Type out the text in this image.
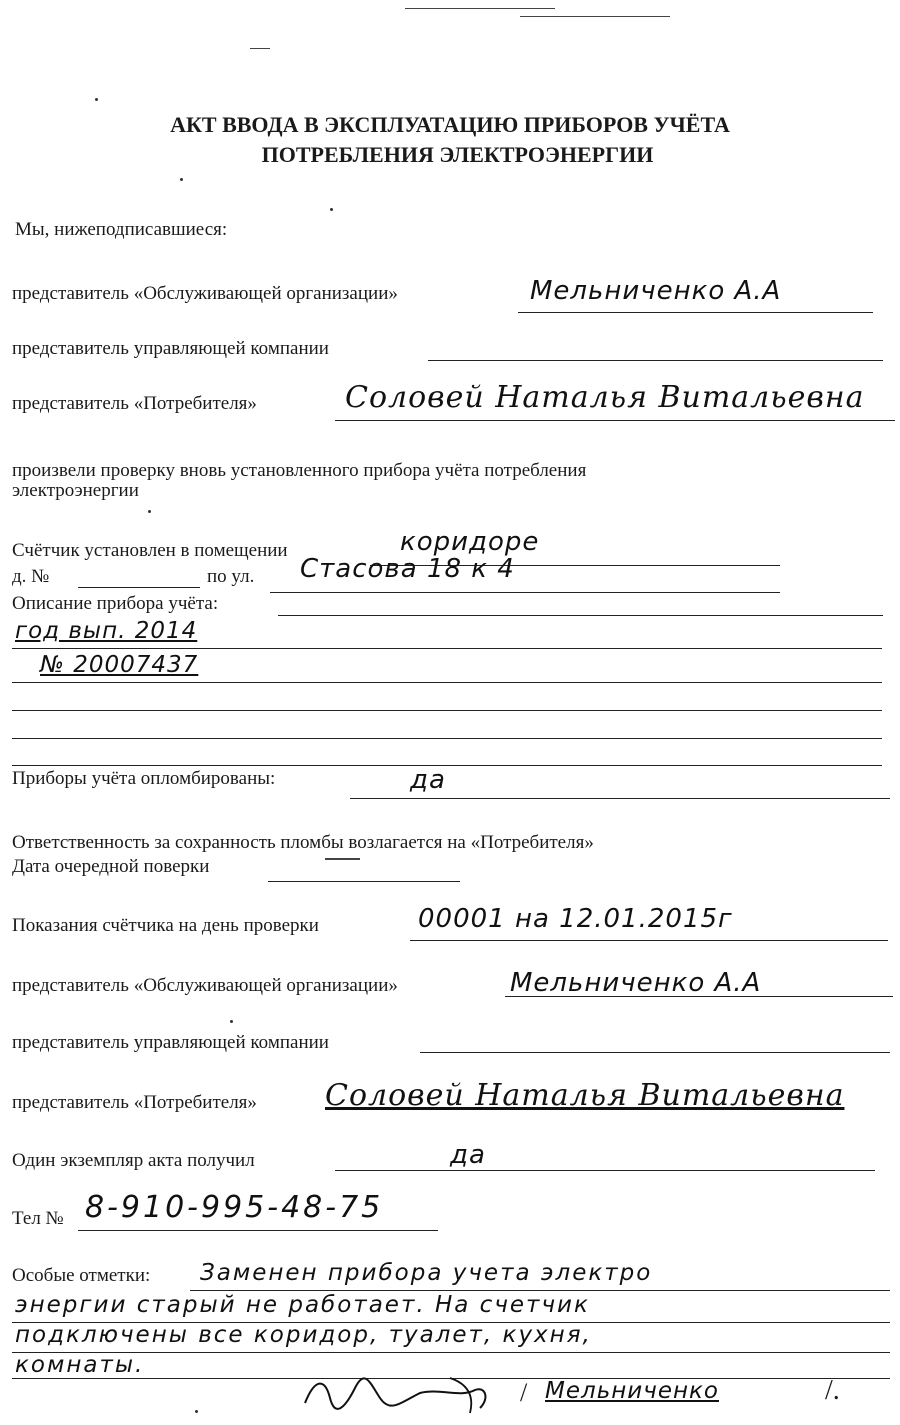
АКТ ВВОДА В ЭКСПЛУАТАЦИЮ ПРИБОРОВ УЧЁТА
ПОТРЕБЛЕНИЯ ЭЛЕКТРОЭНЕРГИИ
Мы, нижеподписавшиеся:
представитель «Обслуживающей организации»	Мельниченко А.А
представитель управляющей компании
представитель «Потребителя»	Соловей Наталья Витальевна
произвели проверку вновь установленного прибора учёта потребления
электроэнергии
Счётчик установлен в помещении	коридоре
д. №	по ул. Стасова 18 к 4
Описание прибора учёта:
год вып. 2014
№ 20007437
Приборы учёта опломбированы:	да
Ответственность за сохранность пломбы возлагается на «Потребителя»
Дата очередной поверки
Показания счётчика на день проверки	00001 на 12.01.2015г
представитель «Обслуживающей организации»	Мельниченко А.А
представитель управляющей компании
представитель «Потребителя» Соловей Наталья Витальевна
Один экземпляр акта получил	да
Тел № 8-910-995-48-75
Особые отметки: Заменен прибора учета электро
энергии старый не работает. На счетчик
подключены все коридор, туалет, кухня,
комнаты.
/ Мельниченко	/.
